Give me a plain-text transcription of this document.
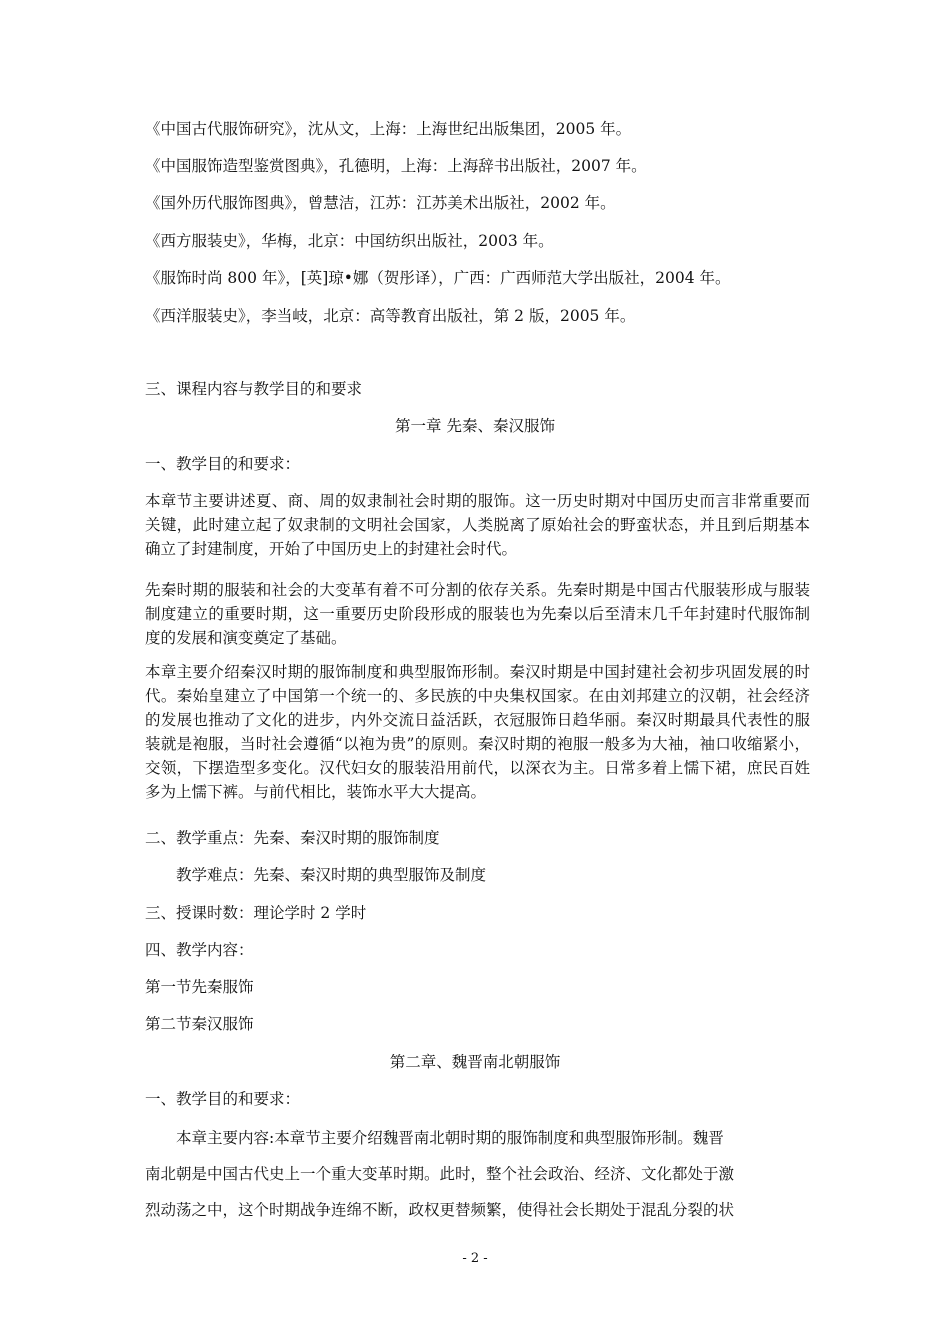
《中国古代服饰研究》，沈从文，上海：上海世纪出版集团，2005 年。
《中国服饰造型鉴赏图典》，孔德明，上海：上海辞书出版社，2007 年。
《国外历代服饰图典》，曾慧洁，江苏：江苏美术出版社，2002 年。
《西方服装史》，华梅，北京：中国纺织出版社，2003 年。
《服饰时尚 800 年》，[英]琼•娜（贺彤译），广西：广西师范大学出版社，2004 年。
《西洋服装史》，李当岐，北京：高等教育出版社，第 2 版，2005 年。
三、课程内容与教学目的和要求
第一章 先秦、秦汉服饰
一、教学目的和要求：

本章节主要讲述夏、商、周的奴隶制社会时期的服饰。这一历史时期对中国历史而言非常重要而关键，此时建立起了奴隶制的文明社会国家，人类脱离了原始社会的野蛮状态，并且到后期基本确立了封建制度，开始了中国历史上的封建社会时代。

先秦时期的服装和社会的大变革有着不可分割的依存关系。先秦时期是中国古代服装形成与服装制度建立的重要时期，这一重要历史阶段形成的服装也为先秦以后至清末几千年封建时代服饰制度的发展和演变奠定了基础。

本章主要介绍秦汉时期的服饰制度和典型服饰形制。秦汉时期是中国封建社会初步巩固发展的时代。秦始皇建立了中国第一个统一的、多民族的中央集权国家。在由刘邦建立的汉朝，社会经济的发展也推动了文化的进步，内外交流日益活跃，衣冠服饰日趋华丽。秦汉时期最具代表性的服装就是袍服，当时社会遵循“以袍为贵”的原则。秦汉时期的袍服一般多为大袖，袖口收缩紧小，交领，下摆造型多变化。汉代妇女的服装沿用前代，以深衣为主。日常多着上懦下裙，庶民百姓多为上懦下裤。与前代相比，装饰水平大大提高。

二、教学重点：先秦、秦汉时期的服饰制度
教学难点：先秦、秦汉时期的典型服饰及制度
三、授课时数：理论学时 2 学时
四、教学内容：
第一节先秦服饰
第二节秦汉服饰
第二章、魏晋南北朝服饰
一、教学目的和要求：
本章主要内容:本章节主要介绍魏晋南北朝时期的服饰制度和典型服饰形制。魏晋
南北朝是中国古代史上一个重大变革时期。此时，整个社会政治、经济、文化都处于激
烈动荡之中，这个时期战争连绵不断，政权更替频繁，使得社会长期处于混乱分裂的状
- 2 -
